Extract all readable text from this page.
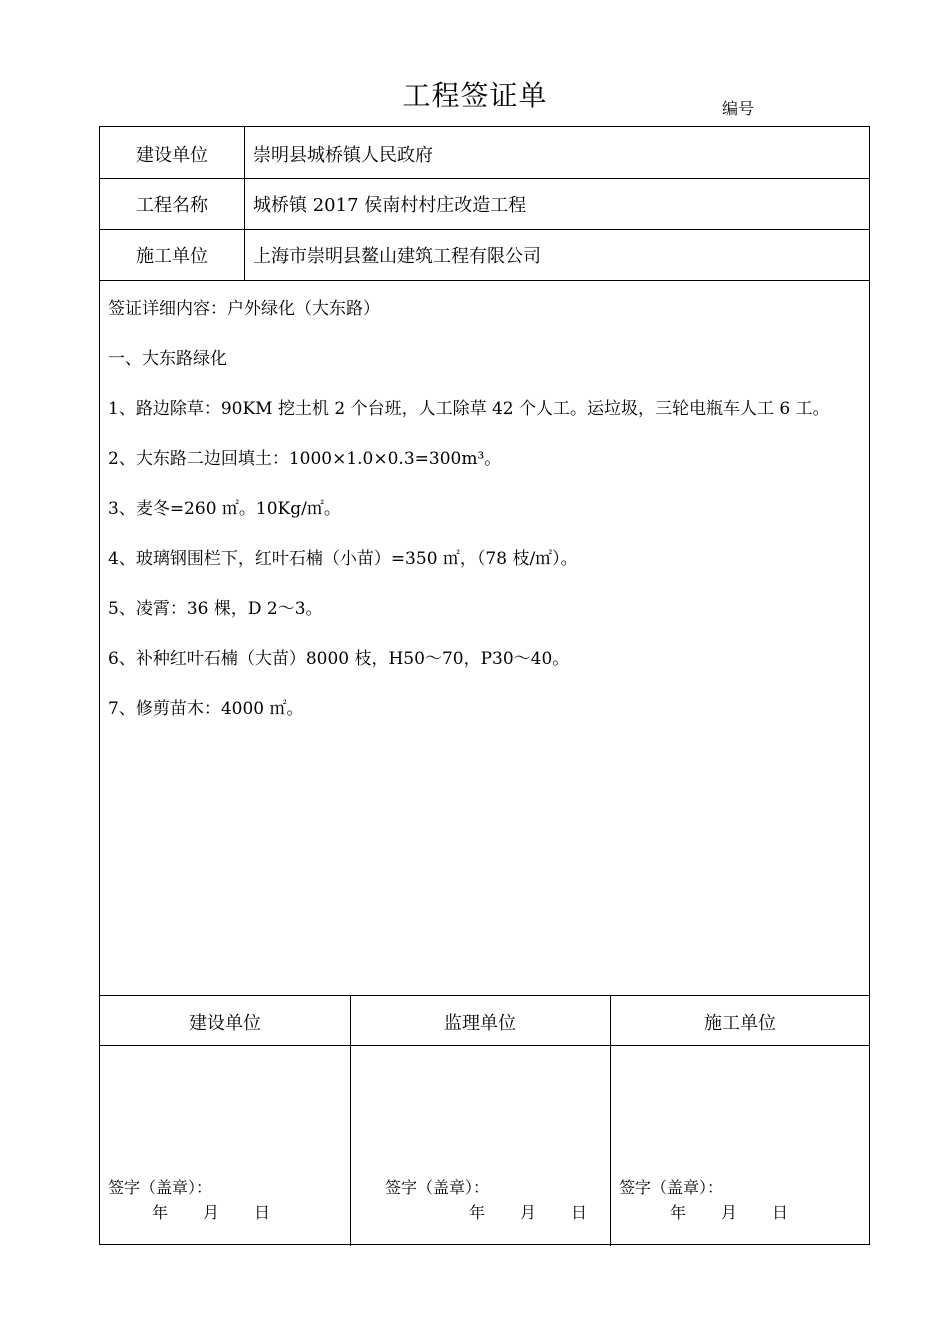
工程签证单	编号
建设单位	崇明县城桥镇人民政府
工程名称	城桥镇 2017 侯南村村庄改造工程
施工单位	上海市崇明县鳌山建筑工程有限公司
签证详细内容：户外绿化（大东路）
一、大东路绿化
1、路边除草：90KM 挖土机 2 个台班，人工除草 42 个人工。运垃圾，三轮电瓶车人工 6 工。
2、大东路二边回填土：1000×1.0×0.3=300m³。
3、麦冬=260 ㎡。10Kg/㎡。
4、玻璃钢围栏下，红叶石楠（小苗）=350 ㎡，（78 枝/㎡）。
5、凌霄：36 棵，D 2～3。
6、补种红叶石楠（大苗）8000 枝，H50～70，P30～40。
7、修剪苗木：4000 ㎡。
建设单位	监理单位	施工单位
签字（盖章）：
年 月 日
签字（盖章）：
年 月 日
签字（盖章）：
年 月 日
